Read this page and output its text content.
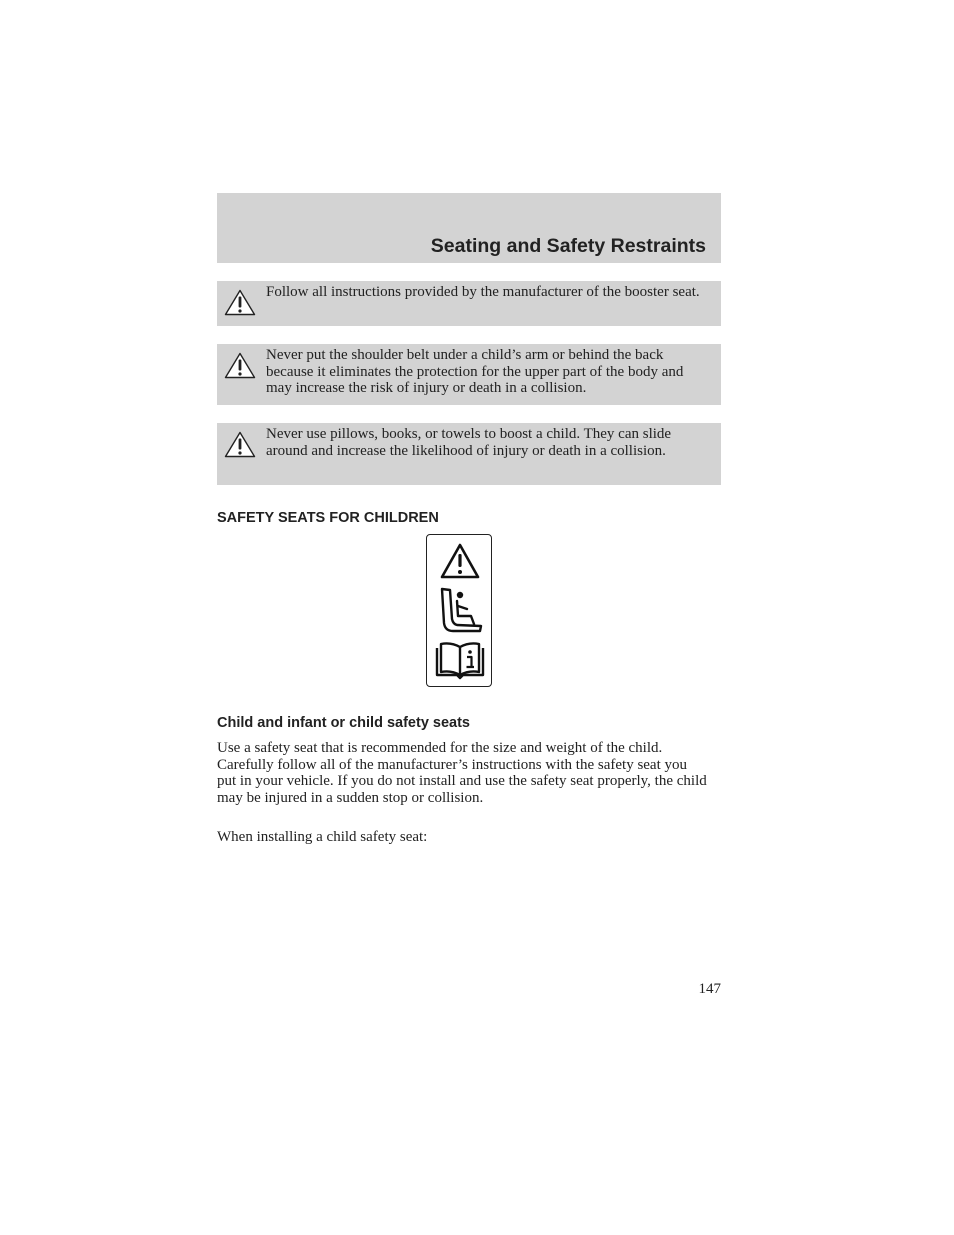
Seating and Safety Restraints
Follow all instructions provided by the manufacturer of the booster seat.
Never put the shoulder belt under a child’s arm or behind the back because it eliminates the protection for the upper part of the body and may increase the risk of injury or death in a collision.
Never use pillows, books, or towels to boost a child. They can slide around and increase the likelihood of injury or death in a collision.
SAFETY SEATS FOR CHILDREN
Child and infant or child safety seats
Use a safety seat that is recommended for the size and weight of the child. Carefully follow all of the manufacturer’s instructions with the safety seat you put in your vehicle. If you do not install and use the safety seat properly, the child may be injured in a sudden stop or collision.
When installing a child safety seat:
147
